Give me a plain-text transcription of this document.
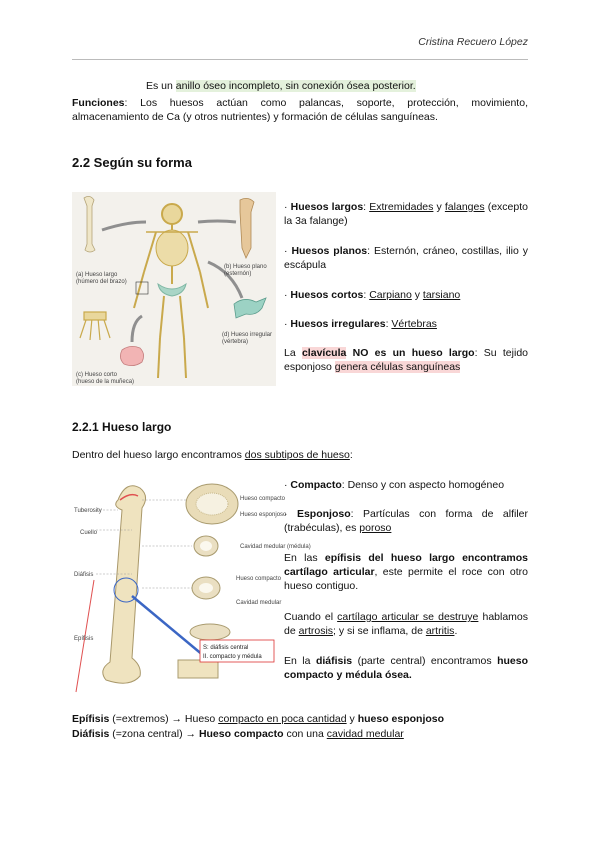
Cristina Recuero López
Es un anillo óseo incompleto, sin conexión ósea posterior.
Funciones: Los huesos actúan como palancas, soporte, protección, movimiento, almacenamiento de Ca (y otros nutrientes) y formación de células sanguíneas.
2.2 Según su forma
(a) Hueso largo
(húmero del brazo)
(b) Hueso plano
(esternón)
(c) Hueso corto
(hueso de la muñeca)
(d) Hueso irregular
(vértebra)
· Huesos largos: Extremidades y falanges (excepto la 3a falange)
· Huesos planos: Esternón, cráneo, costillas, ilio y escápula
· Huesos cortos: Carpiano y tarsiano
· Huesos irregulares: Vértebras
La clavícula NO es un hueso largo: Su tejido esponjoso genera células sanguíneas
2.2.1 Hueso largo
Dentro del hueso largo encontramos dos subtipos de hueso:
Tuberosity
Cuello
Diáfisis
Epífisis
Hueso compacto
Hueso esponjoso
Cavidad medular (médula)
Hueso compacto
Cavidad medular
S: diáfisis central
II. compacto y médula
· Compacto: Denso y con aspecto homogéneo
· Esponjoso: Partículas con forma de alfiler (trabéculas), es poroso
En las epífisis del hueso largo encontramos cartílago articular, este permite el roce con otro hueso contiguo.
Cuando el cartílago articular se destruye hablamos de artrosis; y si se inflama, de artritis.
En la diáfisis (parte central) encontramos hueso compacto y médula ósea.
Epífisis (=extremos) → Hueso compacto en poca cantidad y hueso esponjoso
Diáfisis (=zona central) → Hueso compacto con una cavidad medular
